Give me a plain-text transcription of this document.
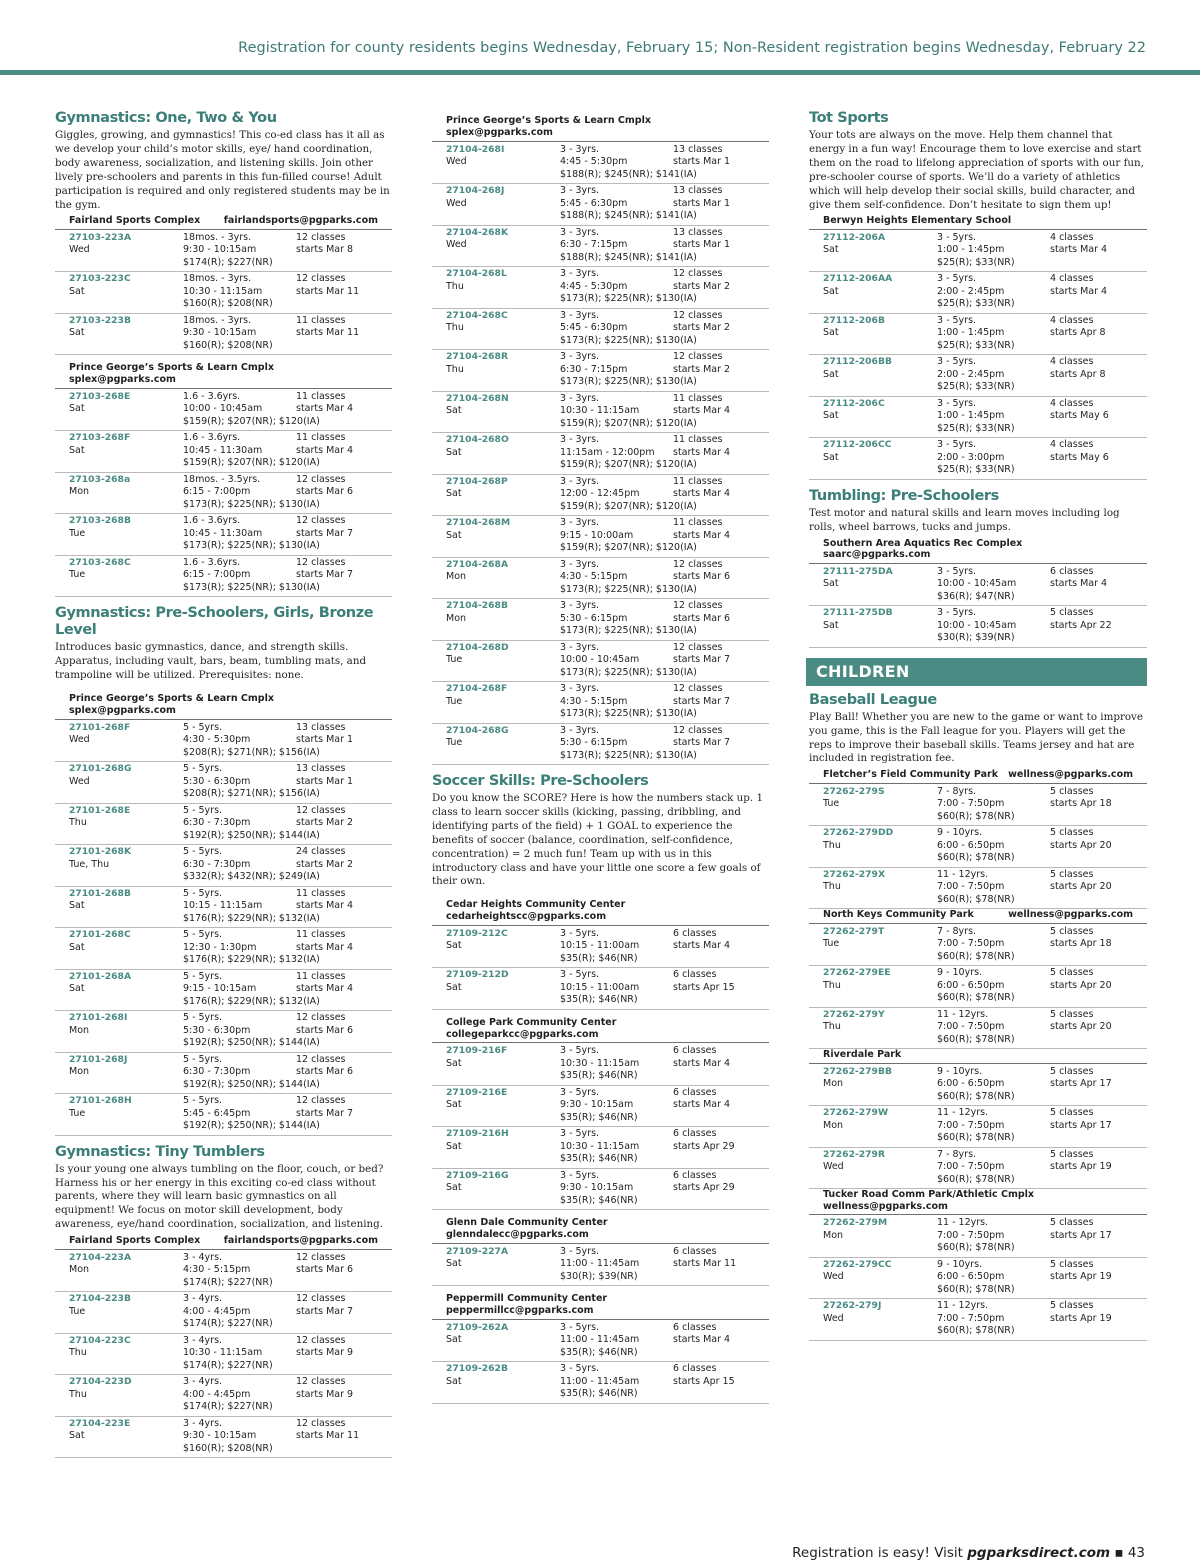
Registration for county residents begins Wednesday, February 15; Non-Resident registration begins Wednesday, February 22
Gymnastics: One, Two & You
Giggles, growing, and gymnastics! This co-ed class has it all as we develop your child’s motor skills, eye/ hand coordination, body awareness, socialization, and listening skills. Join other lively pre-schoolers and parents in this fun-filled course! Adult participation is required and only registered students may be in the gym.
Fairland Sports Complex fairlandsports@pgparks.com
27103-223A	18mos. - 3yrs.	12 classes
Wed	9:30 - 10:15am	starts Mar 8
$174(R); $227(NR)
27103-223C	18mos. - 3yrs.	12 classes
Sat	10:30 - 11:15am	starts Mar 11
$160(R); $208(NR)
27103-223B	18mos. - 3yrs.	11 classes
Sat	9:30 - 10:15am	starts Mar 11
$160(R); $208(NR)
Prince George’s Sports & Learn Cmplx
splex@pgparks.com
27103-268E	1.6 - 3.6yrs.	11 classes
Sat	10:00 - 10:45am	starts Mar 4
$159(R); $207(NR); $120(IA)
27103-268F	1.6 - 3.6yrs.	11 classes
Sat	10:45 - 11:30am	starts Mar 4
$159(R); $207(NR); $120(IA)
27103-268a	18mos. - 3.5yrs.	12 classes
Mon	6:15 - 7:00pm	starts Mar 6
$173(R); $225(NR); $130(IA)
27103-268B	1.6 - 3.6yrs.	12 classes
Tue	10:45 - 11:30am	starts Mar 7
$173(R); $225(NR); $130(IA)
27103-268C	1.6 - 3.6yrs.	12 classes
Tue	6:15 - 7:00pm	starts Mar 7
$173(R); $225(NR); $130(IA)
Gymnastics: Pre-Schoolers, Girls, Bronze Level
Introduces basic gymnastics, dance, and strength skills. Apparatus, including vault, bars, beam, tumbling mats, and trampoline will be utilized. Prerequisites: none.
Prince George’s Sports & Learn Cmplx
splex@pgparks.com
27101-268F	5 - 5yrs.	13 classes
Wed	4:30 - 5:30pm	starts Mar 1
$208(R); $271(NR); $156(IA)
27101-268G	5 - 5yrs.	13 classes
Wed	5:30 - 6:30pm	starts Mar 1
$208(R); $271(NR); $156(IA)
27101-268E	5 - 5yrs.	12 classes
Thu	6:30 - 7:30pm	starts Mar 2
$192(R); $250(NR); $144(IA)
27101-268K	5 - 5yrs.	24 classes
Tue, Thu	6:30 - 7:30pm	starts Mar 2
$332(R); $432(NR); $249(IA)
27101-268B	5 - 5yrs.	11 classes
Sat	10:15 - 11:15am	starts Mar 4
$176(R); $229(NR); $132(IA)
27101-268C	5 - 5yrs.	11 classes
Sat	12:30 - 1:30pm	starts Mar 4
$176(R); $229(NR); $132(IA)
27101-268A	5 - 5yrs.	11 classes
Sat	9:15 - 10:15am	starts Mar 4
$176(R); $229(NR); $132(IA)
27101-268I	5 - 5yrs.	12 classes
Mon	5:30 - 6:30pm	starts Mar 6
$192(R); $250(NR); $144(IA)
27101-268J	5 - 5yrs.	12 classes
Mon	6:30 - 7:30pm	starts Mar 6
$192(R); $250(NR); $144(IA)
27101-268H	5 - 5yrs.	12 classes
Tue	5:45 - 6:45pm	starts Mar 7
$192(R); $250(NR); $144(IA)
Gymnastics: Tiny Tumblers
Is your young one always tumbling on the floor, couch, or bed? Harness his or her energy in this exciting co-ed class without parents, where they will learn basic gymnastics on all equipment! We focus on motor skill development, body awareness, eye/hand coordination, socialization, and listening.
Fairland Sports Complex fairlandsports@pgparks.com
27104-223A	3 - 4yrs.	12 classes
Mon	4:30 - 5:15pm	starts Mar 6
$174(R); $227(NR)
27104-223B	3 - 4yrs.	12 classes
Tue	4:00 - 4:45pm	starts Mar 7
$174(R); $227(NR)
27104-223C	3 - 4yrs.	12 classes
Thu	10:30 - 11:15am	starts Mar 9
$174(R); $227(NR)
27104-223D	3 - 4yrs.	12 classes
Thu	4:00 - 4:45pm	starts Mar 9
$174(R); $227(NR)
27104-223E	3 - 4yrs.	12 classes
Sat	9:30 - 10:15am	starts Mar 11
$160(R); $208(NR)
Prince George’s Sports & Learn Cmplx
splex@pgparks.com
27104-268I	3 - 3yrs.	13 classes
Wed	4:45 - 5:30pm	starts Mar 1
$188(R); $245(NR); $141(IA)
27104-268J	3 - 3yrs.	13 classes
Wed	5:45 - 6:30pm	starts Mar 1
$188(R); $245(NR); $141(IA)
27104-268K	3 - 3yrs.	13 classes
Wed	6:30 - 7:15pm	starts Mar 1
$188(R); $245(NR); $141(IA)
27104-268L	3 - 3yrs.	12 classes
Thu	4:45 - 5:30pm	starts Mar 2
$173(R); $225(NR); $130(IA)
27104-268C	3 - 3yrs.	12 classes
Thu	5:45 - 6:30pm	starts Mar 2
$173(R); $225(NR); $130(IA)
27104-268R	3 - 3yrs.	12 classes
Thu	6:30 - 7:15pm	starts Mar 2
$173(R); $225(NR); $130(IA)
27104-268N	3 - 3yrs.	11 classes
Sat	10:30 - 11:15am	starts Mar 4
$159(R); $207(NR); $120(IA)
27104-268O	3 - 3yrs.	11 classes
Sat	11:15am - 12:00pm	starts Mar 4
$159(R); $207(NR); $120(IA)
27104-268P	3 - 3yrs.	11 classes
Sat	12:00 - 12:45pm	starts Mar 4
$159(R); $207(NR); $120(IA)
27104-268M	3 - 3yrs.	11 classes
Sat	9:15 - 10:00am	starts Mar 4
$159(R); $207(NR); $120(IA)
27104-268A	3 - 3yrs.	12 classes
Mon	4:30 - 5:15pm	starts Mar 6
$173(R); $225(NR); $130(IA)
27104-268B	3 - 3yrs.	12 classes
Mon	5:30 - 6:15pm	starts Mar 6
$173(R); $225(NR); $130(IA)
27104-268D	3 - 3yrs.	12 classes
Tue	10:00 - 10:45am	starts Mar 7
$173(R); $225(NR); $130(IA)
27104-268F	3 - 3yrs.	12 classes
Tue	4:30 - 5:15pm	starts Mar 7
$173(R); $225(NR); $130(IA)
27104-268G	3 - 3yrs.	12 classes
Tue	5:30 - 6:15pm	starts Mar 7
$173(R); $225(NR); $130(IA)
Soccer Skills: Pre-Schoolers
Do you know the SCORE? Here is how the numbers stack up. 1 class to learn soccer skills (kicking, passing, dribbling, and identifying parts of the field) + 1 GOAL to experience the benefits of soccer (balance, coordination, self-confidence, concentration) = 2 much fun! Team up with us in this introductory class and have your little one score a few goals of their own.
Cedar Heights Community Center
cedarheightscc@pgparks.com
27109-212C	3 - 5yrs.	6 classes
Sat	10:15 - 11:00am	starts Mar 4
$35(R); $46(NR)
27109-212D	3 - 5yrs.	6 classes
Sat	10:15 - 11:00am	starts Apr 15
$35(R); $46(NR)
College Park Community Center
collegeparkcc@pgparks.com
27109-216F	3 - 5yrs.	6 classes
Sat	10:30 - 11:15am	starts Mar 4
$35(R); $46(NR)
27109-216E	3 - 5yrs.	6 classes
Sat	9:30 - 10:15am	starts Mar 4
$35(R); $46(NR)
27109-216H	3 - 5yrs.	6 classes
Sat	10:30 - 11:15am	starts Apr 29
$35(R); $46(NR)
27109-216G	3 - 5yrs.	6 classes
Sat	9:30 - 10:15am	starts Apr 29
$35(R); $46(NR)
Glenn Dale Community Center
glenndalecc@pgparks.com
27109-227A	3 - 5yrs.	6 classes
Sat	11:00 - 11:45am	starts Mar 11
$30(R); $39(NR)
Peppermill Community Center
peppermillcc@pgparks.com
27109-262A	3 - 5yrs.	6 classes
Sat	11:00 - 11:45am	starts Mar 4
$35(R); $46(NR)
27109-262B	3 - 5yrs.	6 classes
Sat	11:00 - 11:45am	starts Apr 15
$35(R); $46(NR)
Tot Sports
Your tots are always on the move. Help them channel that energy in a fun way! Encourage them to love exercise and start them on the road to lifelong appreciation of sports with our fun, pre-schooler course of sports. We’ll do a variety of athletics which will help develop their social skills, build character, and give them self-confidence. Don’t hesitate to sign them up!
Berwyn Heights Elementary School
27112-206A	3 - 5yrs.	4 classes
Sat	1:00 - 1:45pm	starts Mar 4
$25(R); $33(NR)
27112-206AA	3 - 5yrs.	4 classes
Sat	2:00 - 2:45pm	starts Mar 4
$25(R); $33(NR)
27112-206B	3 - 5yrs.	4 classes
Sat	1:00 - 1:45pm	starts Apr 8
$25(R); $33(NR)
27112-206BB	3 - 5yrs.	4 classes
Sat	2:00 - 2:45pm	starts Apr 8
$25(R); $33(NR)
27112-206C	3 - 5yrs.	4 classes
Sat	1:00 - 1:45pm	starts May 6
$25(R); $33(NR)
27112-206CC	3 - 5yrs.	4 classes
Sat	2:00 - 3:00pm	starts May 6
$25(R); $33(NR)
Tumbling: Pre-Schoolers
Test motor and natural skills and learn moves including log rolls, wheel barrows, tucks and jumps.
Southern Area Aquatics Rec Complex
saarc@pgparks.com
27111-275DA	3 - 5yrs.	6 classes
Sat	10:00 - 10:45am	starts Mar 4
$36(R); $47(NR)
27111-275DB	3 - 5yrs.	5 classes
Sat	10:00 - 10:45am	starts Apr 22
$30(R); $39(NR)
CHILDREN
Baseball League
Play Ball! Whether you are new to the game or want to improve you game, this is the Fall league for you. Players will get the reps to improve their baseball skills. Teams jersey and hat are included in registration fee.
Fletcher’s Field Community Park wellness@pgparks.com
27262-279S	7 - 8yrs.	5 classes
Tue	7:00 - 7:50pm	starts Apr 18
$60(R); $78(NR)
27262-279DD	9 - 10yrs.	5 classes
Thu	6:00 - 6:50pm	starts Apr 20
$60(R); $78(NR)
27262-279X	11 - 12yrs.	5 classes
Thu	7:00 - 7:50pm	starts Apr 20
$60(R); $78(NR)
North Keys Community Park	wellness@pgparks.com
27262-279T	7 - 8yrs.	5 classes
Tue	7:00 - 7:50pm	starts Apr 18
$60(R); $78(NR)
27262-279EE	9 - 10yrs.	5 classes
Thu	6:00 - 6:50pm	starts Apr 20
$60(R); $78(NR)
27262-279Y	11 - 12yrs.	5 classes
Thu	7:00 - 7:50pm	starts Apr 20
$60(R); $78(NR)
Riverdale Park
27262-279BB	9 - 10yrs.	5 classes
Mon	6:00 - 6:50pm	starts Apr 17
$60(R); $78(NR)
27262-279W	11 - 12yrs.	5 classes
Mon	7:00 - 7:50pm	starts Apr 17
$60(R); $78(NR)
27262-279R	7 - 8yrs.	5 classes
Wed	7:00 - 7:50pm	starts Apr 19
$60(R); $78(NR)
Tucker Road Comm Park/Athletic Cmplx
wellness@pgparks.com
27262-279M	11 - 12yrs.	5 classes
Mon	7:00 - 7:50pm	starts Apr 17
$60(R); $78(NR)
27262-279CC	9 - 10yrs.	5 classes
Wed	6:00 - 6:50pm	starts Apr 19
$60(R); $78(NR)
27262-279J	11 - 12yrs.	5 classes
Wed	7:00 - 7:50pm	starts Apr 19
$60(R); $78(NR)
Registration is easy! Visit pgparksdirect.com ▪ 43
